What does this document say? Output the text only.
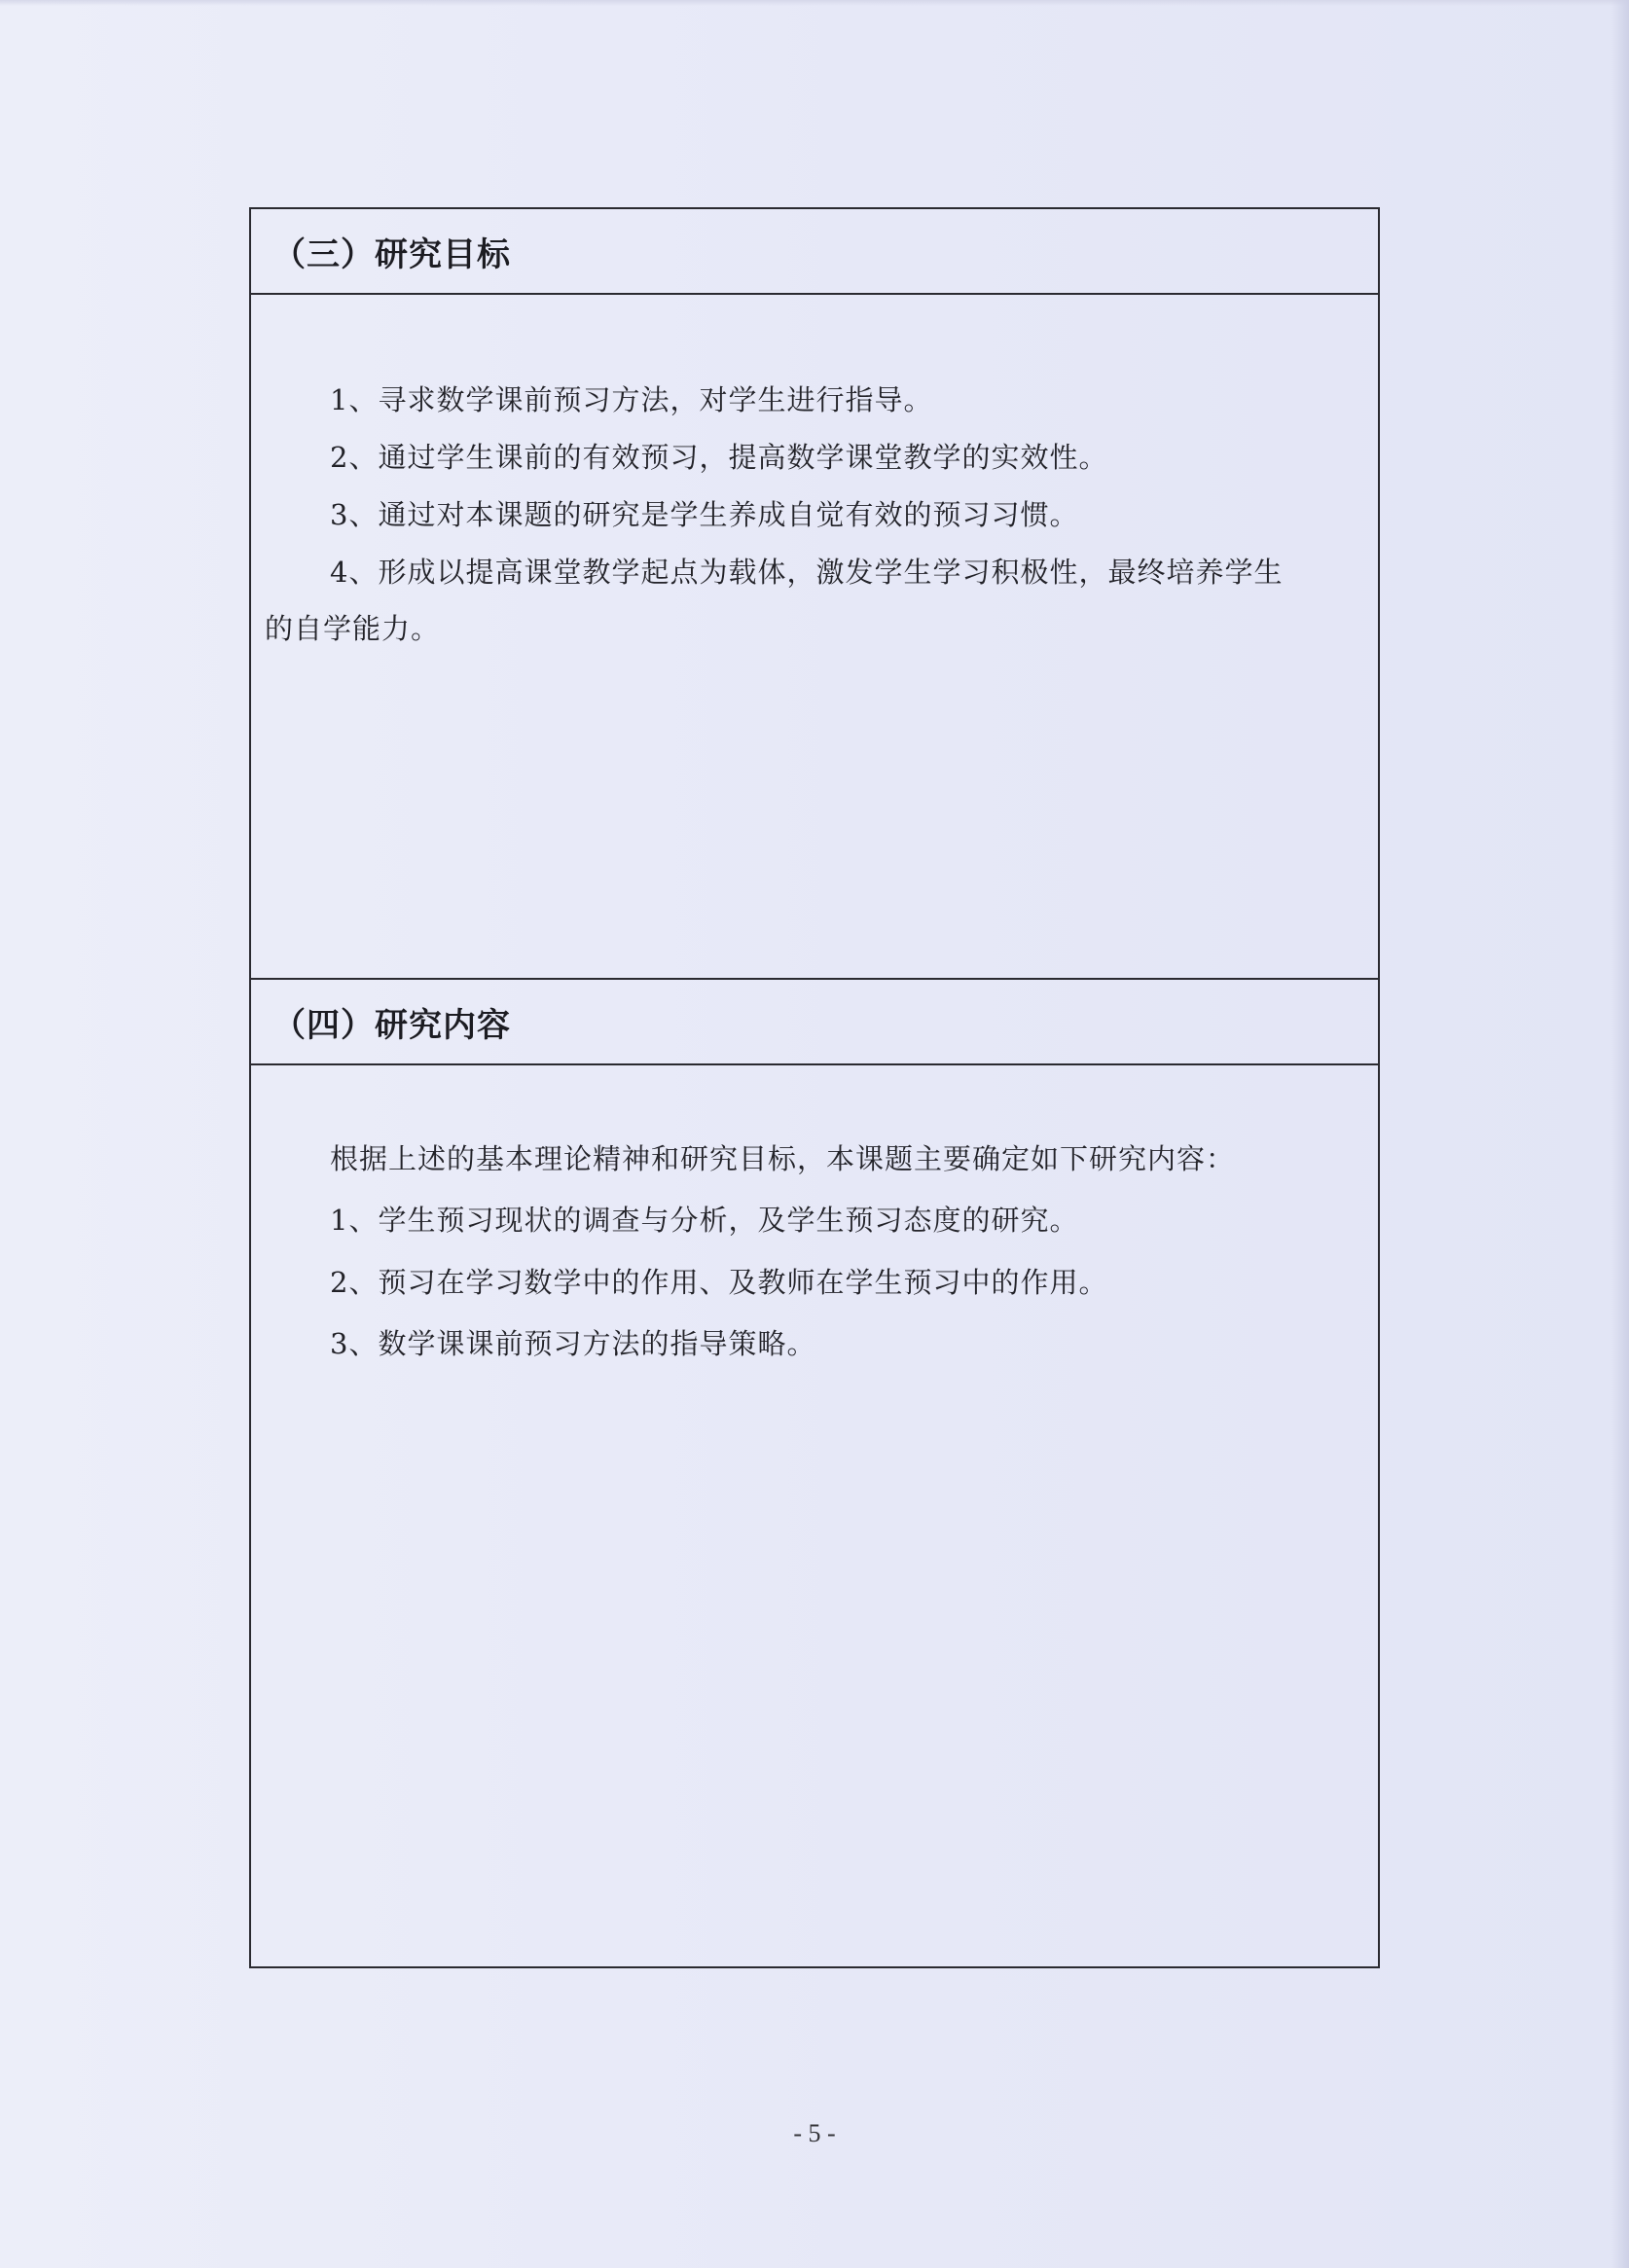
（三）研究目标
1、寻求数学课前预习方法，对学生进行指导。
2、通过学生课前的有效预习，提高数学课堂教学的实效性。
3、通过对本课题的研究是学生养成自觉有效的预习习惯。
4、形成以提高课堂教学起点为载体，激发学生学习积极性，最终培养学生
的自学能力。
（四）研究内容
根据上述的基本理论精神和研究目标，本课题主要确定如下研究内容：
1、学生预习现状的调查与分析，及学生预习态度的研究。
2、预习在学习数学中的作用、及教师在学生预习中的作用。
3、数学课课前预习方法的指导策略。
- 5 -
